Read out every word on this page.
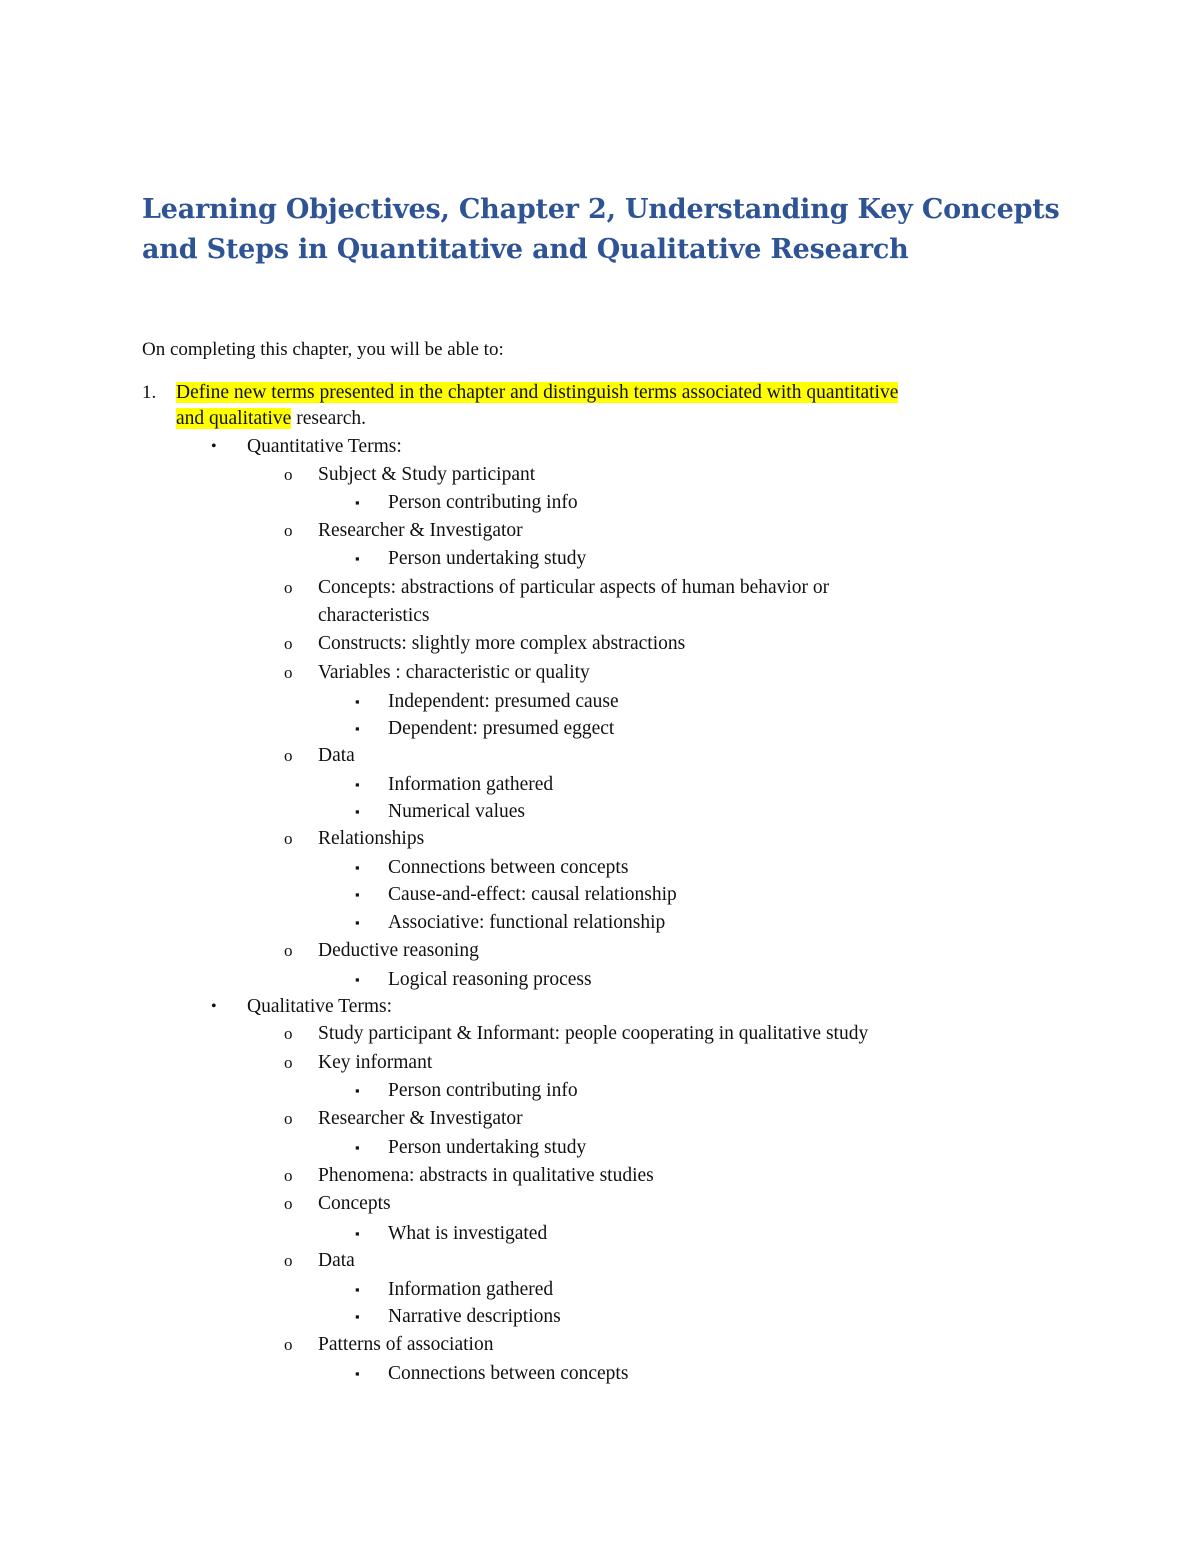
Learning Objectives, Chapter 2, Understanding Key Concepts
and Steps in Quantitative and Qualitative Research

On completing this chapter, you will be able to:

1. Define new terms presented in the chapter and distinguish terms associated with quantitative
and qualitative research.
• Quantitative Terms:
o Subject & Study participant
▪ Person contributing info
o Researcher & Investigator
▪ Person undertaking study
o Concepts: abstractions of particular aspects of human behavior or
characteristics
o Constructs: slightly more complex abstractions
o Variables : characteristic or quality
▪ Independent: presumed cause
▪ Dependent: presumed eggect
o Data
▪ Information gathered
▪ Numerical values
o Relationships
▪ Connections between concepts
▪ Cause-and-effect: causal relationship
▪ Associative: functional relationship
o Deductive reasoning
▪ Logical reasoning process
• Qualitative Terms:
o Study participant & Informant: people cooperating in qualitative study
o Key informant
▪ Person contributing info
o Researcher & Investigator
▪ Person undertaking study
o Phenomena: abstracts in qualitative studies
o Concepts
▪ What is investigated
o Data
▪ Information gathered
▪ Narrative descriptions
o Patterns of association
▪ Connections between concepts
